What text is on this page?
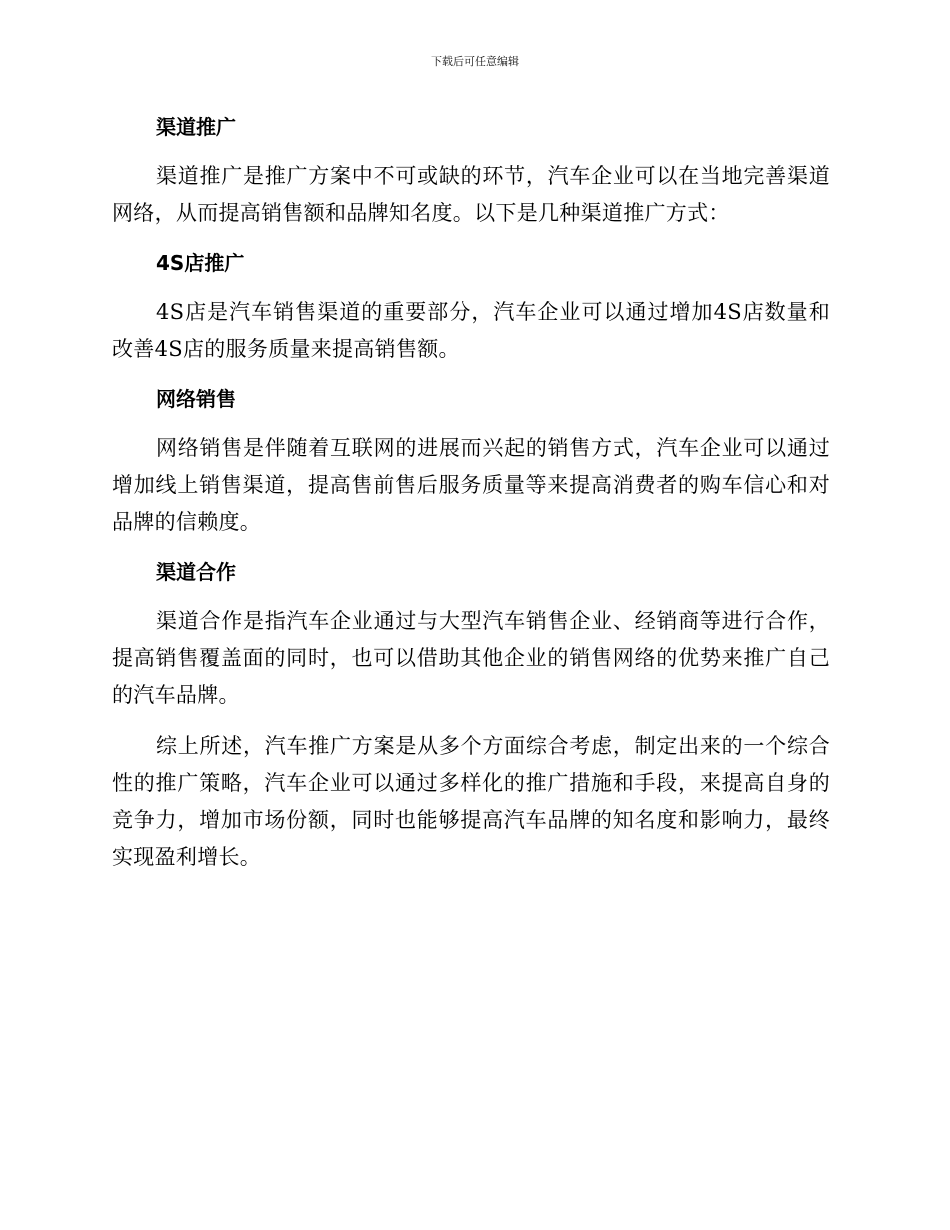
下载后可任意编辑
渠道推广

渠道推广是推广方案中不可或缺的环节，汽车企业可以在当地完善渠道网络，从而提高销售额和品牌知名度。以下是几种渠道推广方式：

4S店推广

4S店是汽车销售渠道的重要部分，汽车企业可以通过增加4S店数量和改善4S店的服务质量来提高销售额。

网络销售

网络销售是伴随着互联网的进展而兴起的销售方式，汽车企业可以通过增加线上销售渠道，提高售前售后服务质量等来提高消费者的购车信心和对品牌的信赖度。

渠道合作

渠道合作是指汽车企业通过与大型汽车销售企业、经销商等进行合作，提高销售覆盖面的同时，也可以借助其他企业的销售网络的优势来推广自己的汽车品牌。

综上所述，汽车推广方案是从多个方面综合考虑，制定出来的一个综合性的推广策略，汽车企业可以通过多样化的推广措施和手段，来提高自身的竞争力，增加市场份额，同时也能够提高汽车品牌的知名度和影响力，最终实现盈利增长。
